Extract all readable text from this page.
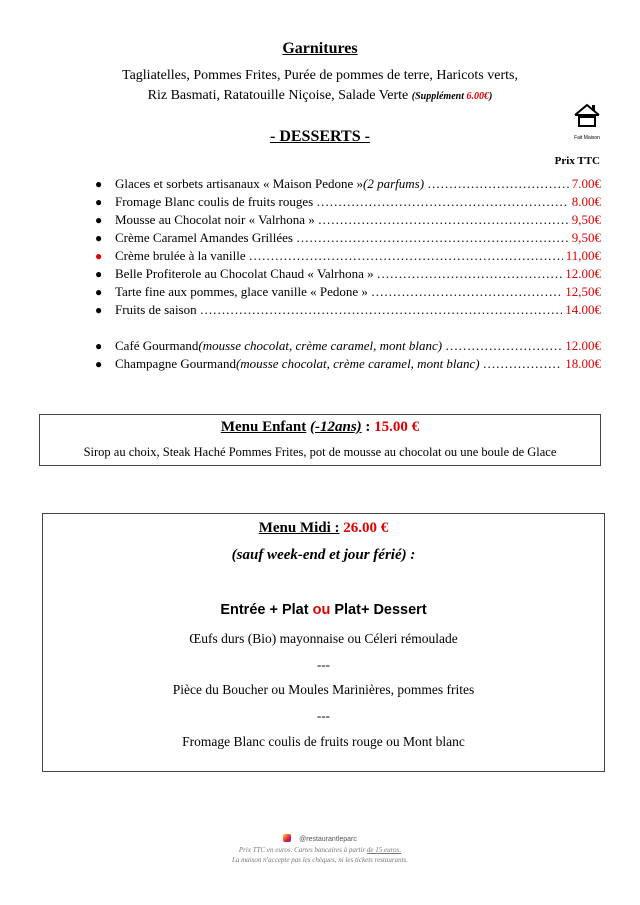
Garnitures
Tagliatelles, Pommes Frites, Purée de pommes de terre, Haricots verts,
Riz Basmati, Ratatouille Niçoise, Salade Verte (Supplément 6.00€)
- DESSERTS -	Fait Maison
Prix TTC
● Glaces et sorbets artisanaux « Maison Pedone » (2 parfums) ……………………………………………………………………………………………………………………………………	7.00€
● Fromage Blanc coulis de fruits rouges ……………………………………………………………………………………………………………………………………	8.00€
● Mousse au Chocolat noir « Valrhona » ……………………………………………………………………………………………………………………………………	9,50€
● Crème Caramel Amandes Grillées ……………………………………………………………………………………………………………………………………	9,50€
● Crème brulée à la vanille ……………………………………………………………………………………………………………………………………	11,00€
● Belle Profiterole au Chocolat Chaud « Valrhona » ……………………………………………………………………………………………………………………………………	12.00€
● Tarte fine aux pommes, glace vanille « Pedone » ……………………………………………………………………………………………………………………………………	12,50€
● Fruits de saison ……………………………………………………………………………………………………………………………………	14.00€
● Café Gourmand (mousse chocolat, crème caramel, mont blanc) ……………………………………………………………………………………………………………………………………	12.00€
● Champagne Gourmand (mousse chocolat, crème caramel, mont blanc) ……………………………………………………………………………………………………………………………………	18.00€
Menu Enfant (-12ans) : 15.00 €
Sirop au choix, Steak Haché Pommes Frites, pot de mousse au chocolat ou une boule de Glace
Menu Midi : 26.00 €
(sauf week-end et jour férié) :
Entrée + Plat ou Plat+ Dessert
Œufs durs (Bio) mayonnaise ou Céleri rémoulade
---
Pièce du Boucher ou Moules Marinières, pommes frites
---
Fromage Blanc coulis de fruits rouge ou Mont blanc
@restaurantleparc
Prix TTC en euros. Cartes bancaires à partir de 15 euros.
La maison n'accepte pas les chèques, ni les tickets restaurants.
